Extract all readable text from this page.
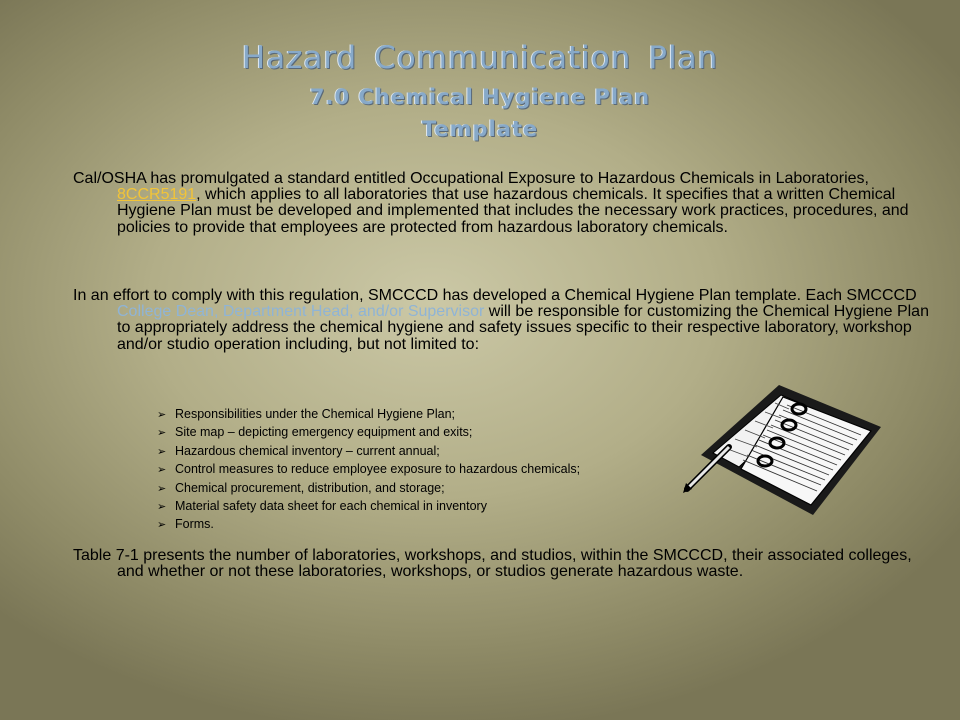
Hazard Communication Plan
7.0 Chemical Hygiene Plan
Template
Cal/OSHA has promulgated a standard entitled Occupational Exposure to Hazardous Chemicals in Laboratories, 8CCR5191, which applies to all laboratories that use hazardous chemicals. It specifies that a written Chemical Hygiene Plan must be developed and implemented that includes the necessary work practices, procedures, and policies to provide that employees are protected from hazardous laboratory chemicals.
In an effort to comply with this regulation, SMCCCD has developed a Chemical Hygiene Plan template. Each SMCCCD College Dean, Department Head, and/or Supervisor will be responsible for customizing the Chemical Hygiene Plan to appropriately address the chemical hygiene and safety issues specific to their respective laboratory, workshop and/or studio operation including, but not limited to:
➢ Responsibilities under the Chemical Hygiene Plan;
➢ Site map – depicting emergency equipment and exits;
➢ Hazardous chemical inventory – current annual;
➢ Control measures to reduce employee exposure to hazardous chemicals;
➢ Chemical procurement, distribution, and storage;
➢ Material safety data sheet for each chemical in inventory
➢ Forms.
Table 7-1 presents the number of laboratories, workshops, and studios, within the SMCCCD, their associated colleges, and whether or not these laboratories, workshops, or studios generate hazardous waste.
